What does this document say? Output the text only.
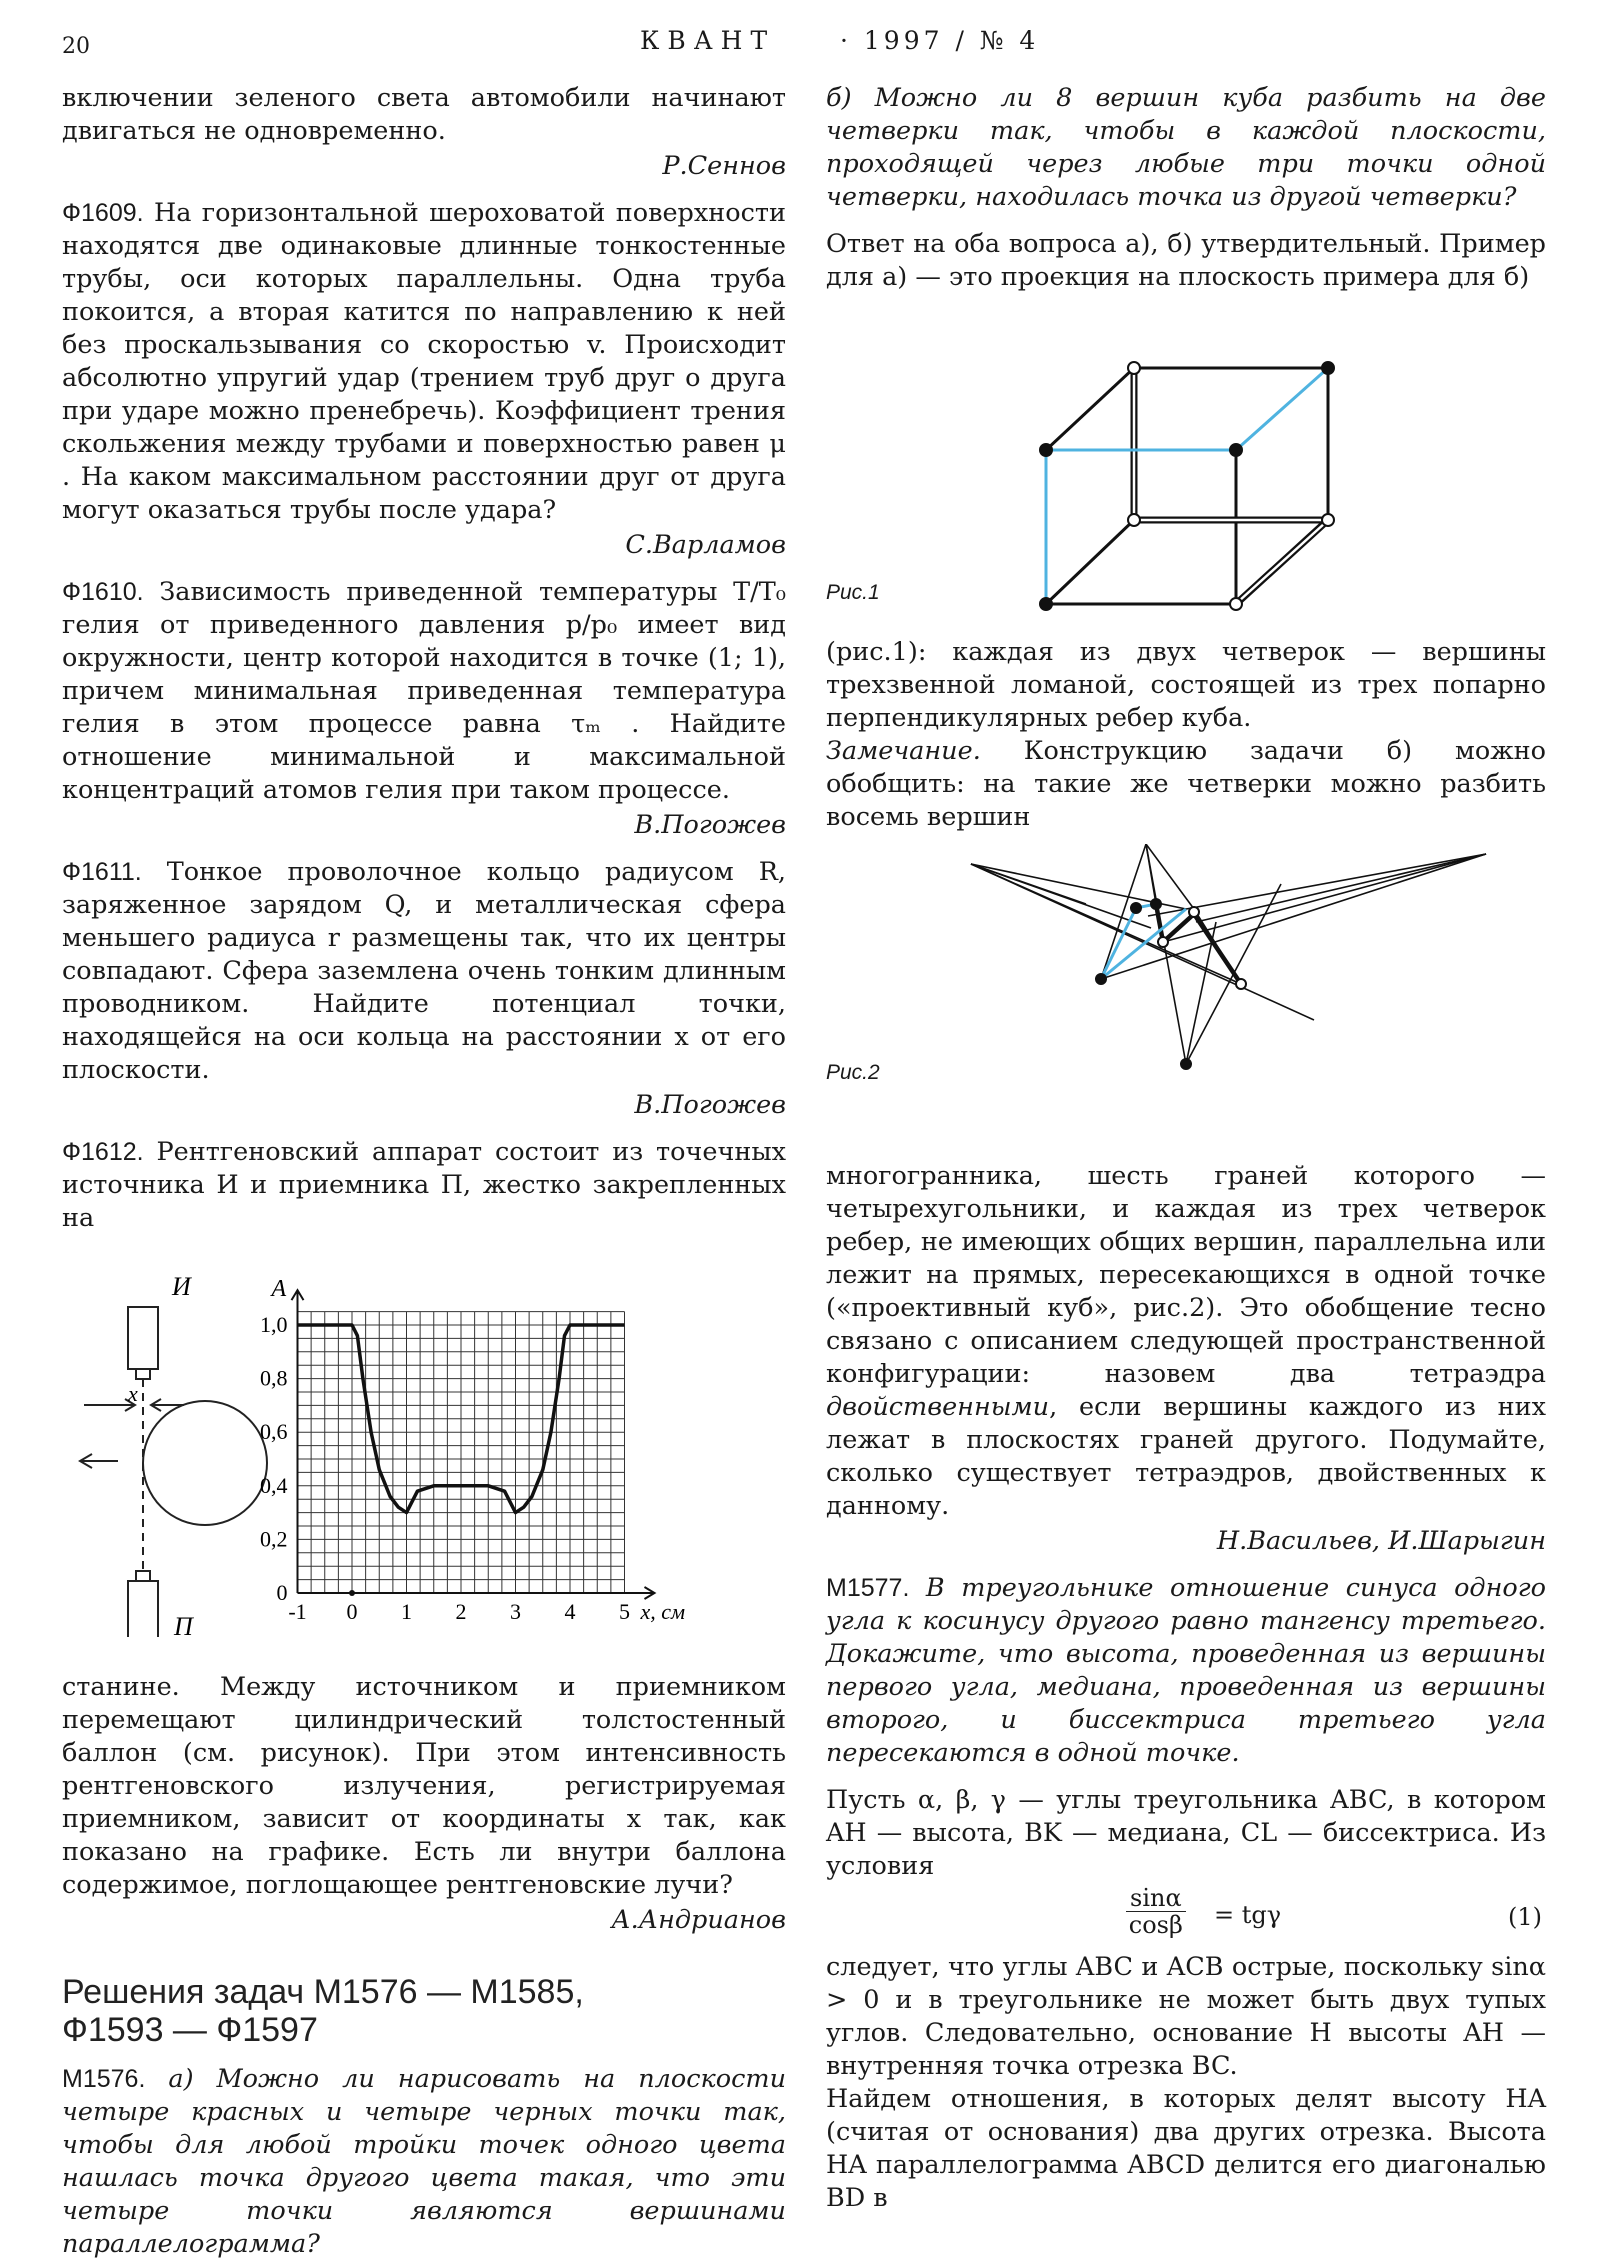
20	КВАНТ	· 1997 / № 4

включении зеленого света автомобили начинают двигаться не одновременно.

Р.Сеннов

Ф1609. На горизонтальной шероховатой поверхности находятся две одинаковые длинные тонкостенные трубы, оси которых параллельны. Одна труба покоится, а вторая катится по направлению к ней без проскальзывания со скоростью v. Происходит абсолютно упругий удар (трением труб друг о друга при ударе можно пренебречь). Коэффициент трения скольжения между трубами и поверхностью равен μ . На каком максимальном расстоянии друг от друга могут оказаться трубы после удара?

С.Варламов

Ф1610. Зависимость приведенной температуры T/T₀ гелия от приведенного давления p/p₀ имеет вид окружности, центр которой находится в точке (1; 1), причем минимальная приведенная температура гелия в этом процессе равна τₘ . Найдите отношение минимальной и максимальной концентраций атомов гелия при таком процессе.

В.Погожев

Ф1611. Тонкое проволочное кольцо радиусом R, заряженное зарядом Q, и металлическая сфера меньшего радиуса r размещены так, что их центры совпадают. Сфера заземлена очень тонким длинным проводником. Найдите потенциал точки, находящейся на оси кольца на расстоянии x от его плоскости.

В.Погожев

Ф1612. Рентгеновский аппарат состоит из точечных источника И и приемника П, жестко закрепленных на

И
П
x
-1 0 1 2 3 4 5
0
0,2
0,4
0,6
0,8
1,0
A
x, см

станине. Между источником и приемником перемещают цилиндрический толстостенный баллон (см. рисунок). При этом интенсивность рентгеновского излучения, регистрируемая приемником, зависит от координаты x так, как показано на графике. Есть ли внутри баллона содержимое, поглощающее рентгеновские лучи?

А.Андрианов

Решения задач М1576 — М1585,
Ф1593 — Ф1597

М1576. а) Можно ли нарисовать на плоскости четыре красных и четыре черных точки так, чтобы для любой тройки точек одного цвета нашлась точка другого цвета такая, что эти четыре точки являются вершинами параллелограмма?

б) Можно ли 8 вершин куба разбить на две четверки так, чтобы в каждой плоскости, проходящей через любые три точки одной четверки, находилась точка из другой четверки?

Ответ на оба вопроса а), б) утвердительный. Пример для а) — это проекция на плоскость примера для б)

Рис.1

(рис.1): каждая из двух четверок — вершины трехзвенной ломаной, состоящей из трех попарно перпендикулярных ребер куба.

Замечание. Конструкцию задачи б) можно обобщить: на такие же четверки можно разбить восемь вершин

Рис.2

многогранника, шесть граней которого — четырехугольники, и каждая из трех четверок ребер, не имеющих общих вершин, параллельна или лежит на прямых, пересекающихся в одной точке («проективный куб», рис.2). Это обобщение тесно связано с описанием следующей пространственной конфигурации: назовем два тетраэдра двойственными, если вершины каждого из них лежат в плоскостях граней другого. Подумайте, сколько существует тетраэдров, двойственных к данному.

Н.Васильев, И.Шарыгин

М1577. В треугольнике отношение синуса одного угла к косинусу другого равно тангенсу третьего. Докажите, что высота, проведенная из вершины первого угла, медиана, проведенная из вершины второго, и биссектриса третьего угла пересекаются в одной точке.

Пусть α, β, γ — углы треугольника ABC, в котором AH — высота, BK — медиана, CL — биссектриса. Из условия

$\frac{\sin\alpha}{\cos\beta} = tg\gamma$	(1)

следует, что углы ABC и ACB острые, поскольку sinα > 0 и в треугольнике не может быть двух тупых углов. Следовательно, основание H высоты AH — внутренняя точка отрезка BC.

Найдем отношения, в которых делят высоту HA (считая от основания) два других отрезка. Высота HA параллелограмма ABCD делится его диагональю BD в
